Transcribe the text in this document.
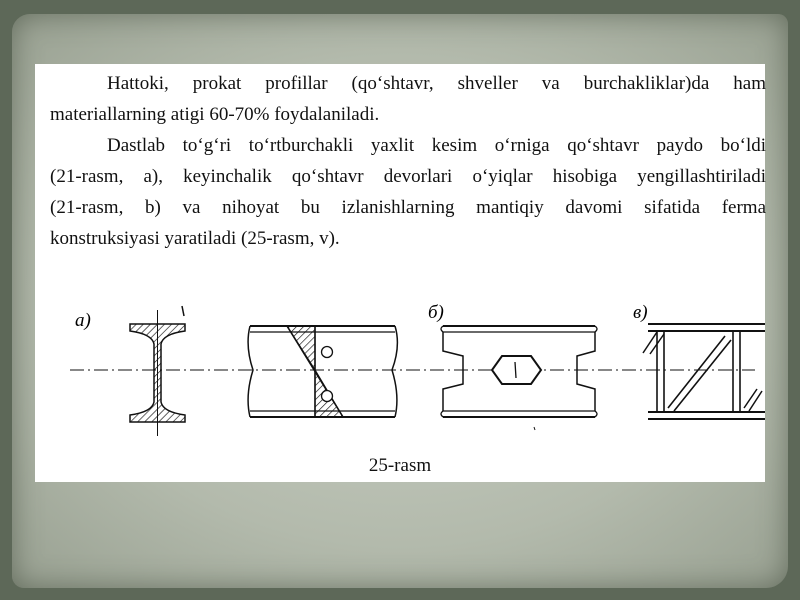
Hattoki, prokat profillar (qo‘shtavr, shveller va burchakliklar)da ham
materiallarning atigi 60-70% foydalaniladi.
Dastlab to‘g‘ri to‘rtburchakli yaxlit kesim o‘rniga qo‘shtavr paydo bo‘ldi
(21-rasm, a), keyinchalik qo‘shtavr devorlari o‘yiqlar hisobiga yengillashtiriladi
(21-rasm, b) va nihoyat bu izlanishlarning mantiqiy davomi sifatida ferma
konstruksiyasi yaratiladi (25-rasm, v).
a)	б)	в)
25-rasm
